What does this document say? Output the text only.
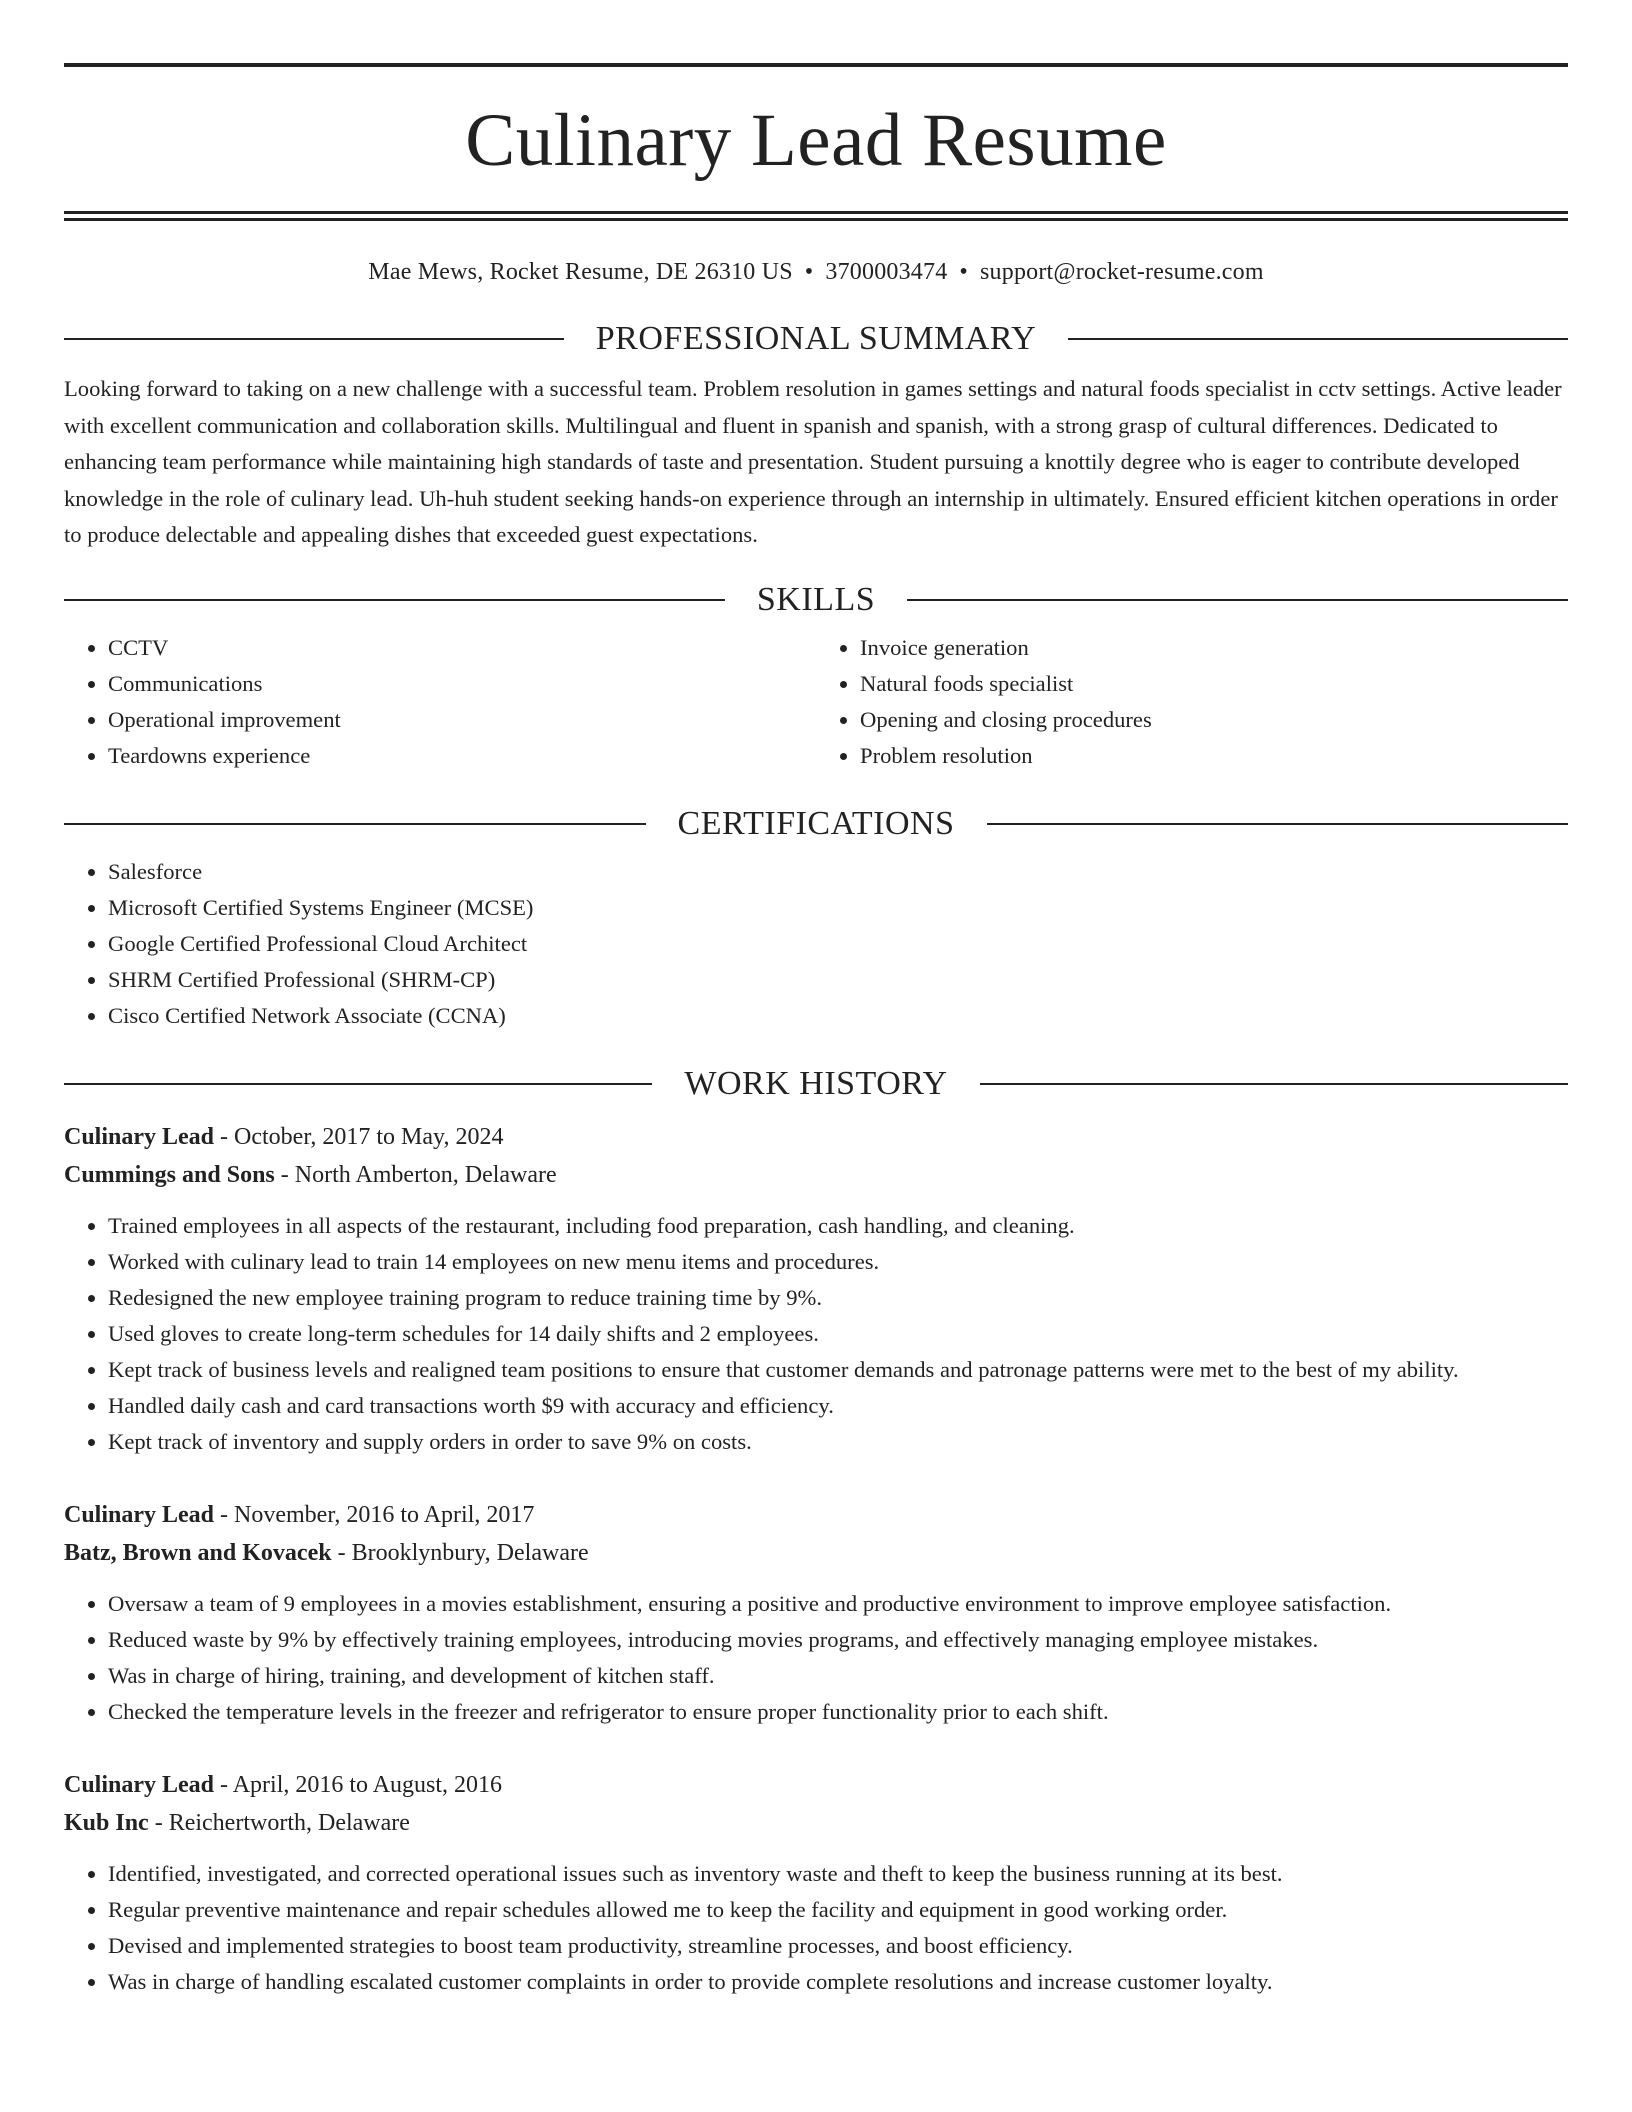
Culinary Lead Resume
Mae Mews, Rocket Resume, DE 26310 US • 3700003474 • support@rocket-resume.com
PROFESSIONAL SUMMARY

Looking forward to taking on a new challenge with a successful team. Problem resolution in games settings and natural foods specialist in cctv settings. Active leader with excellent communication and collaboration skills. Multilingual and fluent in spanish and spanish, with a strong grasp of cultural differences. Dedicated to enhancing team performance while maintaining high standards of taste and presentation. Student pursuing a knottily degree who is eager to contribute developed knowledge in the role of culinary lead. Uh-huh student seeking hands-on experience through an internship in ultimately. Ensured efficient kitchen operations in order to produce delectable and appealing dishes that exceeded guest expectations.

SKILLS
• CCTV
• Communications
• Operational improvement
• Teardowns experience
• Invoice generation
• Natural foods specialist
• Opening and closing procedures
• Problem resolution
CERTIFICATIONS
• Salesforce
• Microsoft Certified Systems Engineer (MCSE)
• Google Certified Professional Cloud Architect
• SHRM Certified Professional (SHRM-CP)
• Cisco Certified Network Associate (CCNA)
WORK HISTORY
Culinary Lead - October, 2017 to May, 2024
Cummings and Sons - North Amberton, Delaware
• Trained employees in all aspects of the restaurant, including food preparation, cash handling, and cleaning.
• Worked with culinary lead to train 14 employees on new menu items and procedures.
• Redesigned the new employee training program to reduce training time by 9%.
• Used gloves to create long-term schedules for 14 daily shifts and 2 employees.
• Kept track of business levels and realigned team positions to ensure that customer demands and patronage patterns were met to the best of my ability.
• Handled daily cash and card transactions worth $9 with accuracy and efficiency.
• Kept track of inventory and supply orders in order to save 9% on costs.
Culinary Lead - November, 2016 to April, 2017
Batz, Brown and Kovacek - Brooklynbury, Delaware
• Oversaw a team of 9 employees in a movies establishment, ensuring a positive and productive environment to improve employee satisfaction.
• Reduced waste by 9% by effectively training employees, introducing movies programs, and effectively managing employee mistakes.
• Was in charge of hiring, training, and development of kitchen staff.
• Checked the temperature levels in the freezer and refrigerator to ensure proper functionality prior to each shift.
Culinary Lead - April, 2016 to August, 2016
Kub Inc - Reichertworth, Delaware
• Identified, investigated, and corrected operational issues such as inventory waste and theft to keep the business running at its best.
• Regular preventive maintenance and repair schedules allowed me to keep the facility and equipment in good working order.
• Devised and implemented strategies to boost team productivity, streamline processes, and boost efficiency.
• Was in charge of handling escalated customer complaints in order to provide complete resolutions and increase customer loyalty.
